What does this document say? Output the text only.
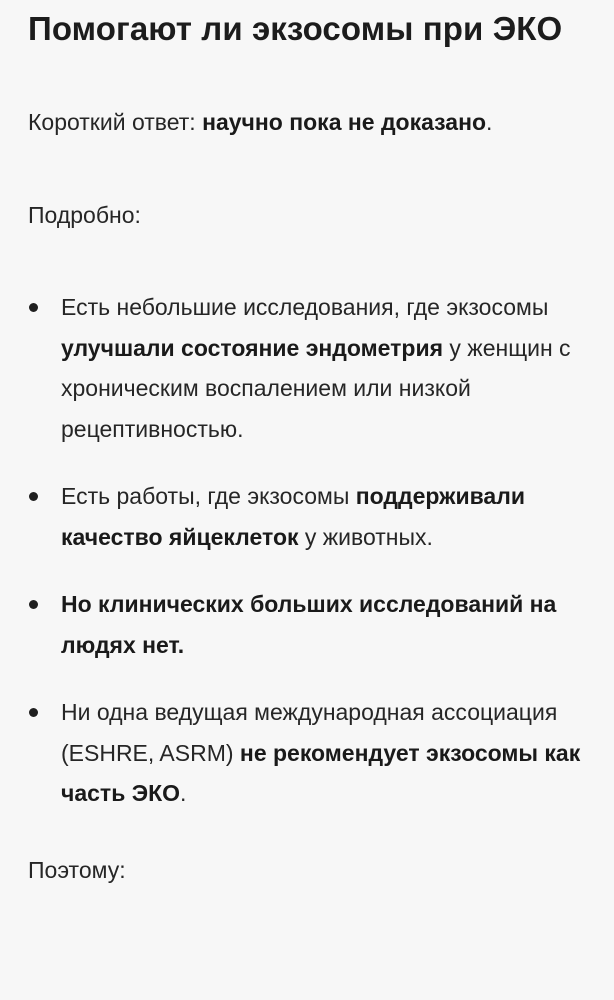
Помогают ли экзосомы при ЭКО

Короткий ответ: научно пока не доказано.

Подробно:

Есть небольшие исследования, где экзосомы улучшали состояние эндометрия у женщин с хроническим воспалением или низкой рецептивностью.
Есть работы, где экзосомы поддерживали качество яйцеклеток у животных.
Но клинических больших исследований на людях нет.
Ни одна ведущая международная ассоциация (ESHRE, ASRM) не рекомендует экзосомы как часть ЭКО.

Поэтому:
